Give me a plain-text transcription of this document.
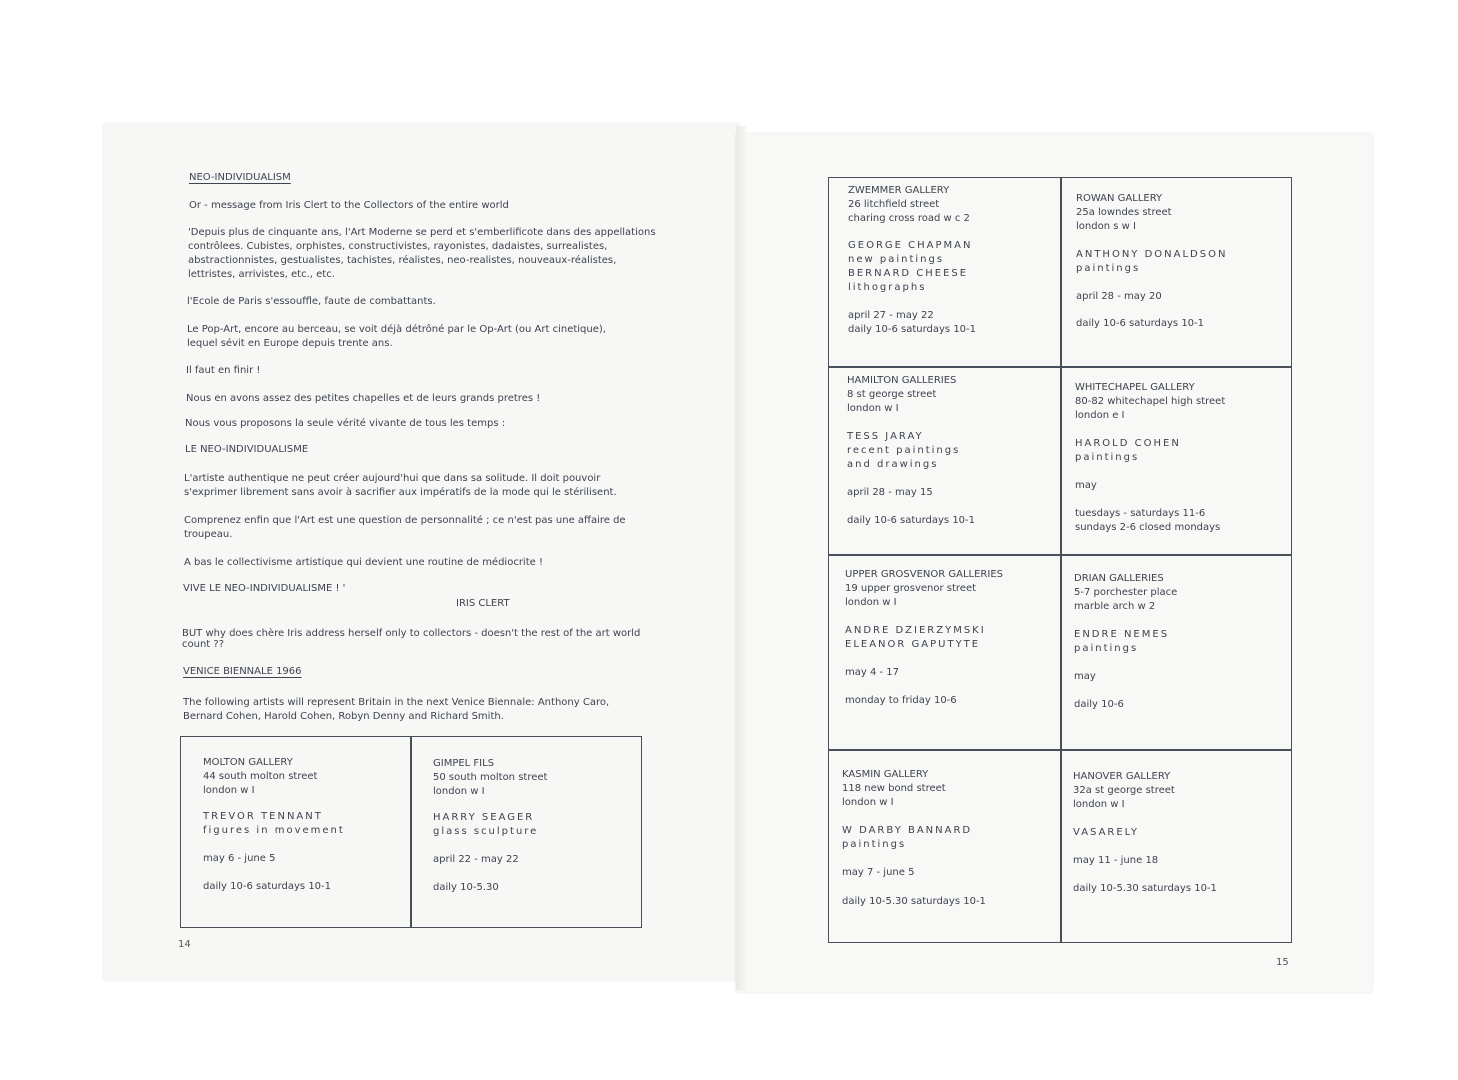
NEO-INDIVIDUALISM
Or - message from Iris Clert to the Collectors of the entire world
'Depuis plus de cinquante ans, l'Art Moderne se perd et s'emberlificote dans des appellations
contrôlees. Cubistes, orphistes, constructivistes, rayonistes, dadaistes, surrealistes,
abstractionnistes, gestualistes, tachistes, réalistes, neo-realistes, nouveaux-réalistes,
lettristes, arrivistes, etc., etc.
l'Ecole de Paris s'essouffle, faute de combattants.
Le Pop-Art, encore au berceau, se voit déjà détrôné par le Op-Art (ou Art cinetique),
lequel sévit en Europe depuis trente ans.
Il faut en finir !
Nous en avons assez des petites chapelles et de leurs grands pretres !
Nous vous proposons la seule vérité vivante de tous les temps :
LE NEO-INDIVIDUALISME
L'artiste authentique ne peut créer aujourd'hui que dans sa solitude. Il doit pouvoir
s'exprimer librement sans avoir à sacrifier aux impératifs de la mode qui le stérilisent.
Comprenez enfin que l'Art est une question de personnalité ; ce n'est pas une affaire de
troupeau.
A bas le collectivisme artistique qui devient une routine de médiocrite !
VIVE LE NEO-INDIVIDUALISME ! '
IRIS CLERT
BUT why does chère Iris address herself only to collectors - doesn't the rest of the art world
count ??
VENICE BIENNALE 1966
The following artists will represent Britain in the next Venice Biennale: Anthony Caro,
Bernard Cohen, Harold Cohen, Robyn Denny and Richard Smith.
MOLTON GALLERY
44 south molton street
london w I
TREVOR TENNANT
figures in movement
may 6 - june 5
daily 10-6 saturdays 10-1
GIMPEL FILS
50 south molton street
london w I
HARRY SEAGER
glass sculpture
april 22 - may 22
daily 10-5.30
14
ZWEMMER GALLERY
26 litchfield street
charing cross road w c 2
GEORGE CHAPMAN
new paintings
BERNARD CHEESE
lithographs
april 27 - may 22
daily 10-6 saturdays 10-1
ROWAN GALLERY
25a lowndes street
london s w I
ANTHONY DONALDSON
paintings
april 28 - may 20
daily 10-6 saturdays 10-1
HAMILTON GALLERIES
8 st george street
london w I
TESS JARAY
recent paintings
and drawings
april 28 - may 15
daily 10-6 saturdays 10-1
WHITECHAPEL GALLERY
80-82 whitechapel high street
london e I
HAROLD COHEN
paintings
may
tuesdays - saturdays 11-6
sundays 2-6 closed mondays
UPPER GROSVENOR GALLERIES
19 upper grosvenor street
london w I
ANDRE DZIERZYMSKI
ELEANOR GAPUTYTE
may 4 - 17
monday to friday 10-6
DRIAN GALLERIES
5-7 porchester place
marble arch w 2
ENDRE NEMES
paintings
may
daily 10-6
KASMIN GALLERY
118 new bond street
london w I
W DARBY BANNARD
paintings
may 7 - june 5
daily 10-5.30 saturdays 10-1
HANOVER GALLERY
32a st george street
london w I
VASARELY
may 11 - june 18
daily 10-5.30 saturdays 10-1
15
